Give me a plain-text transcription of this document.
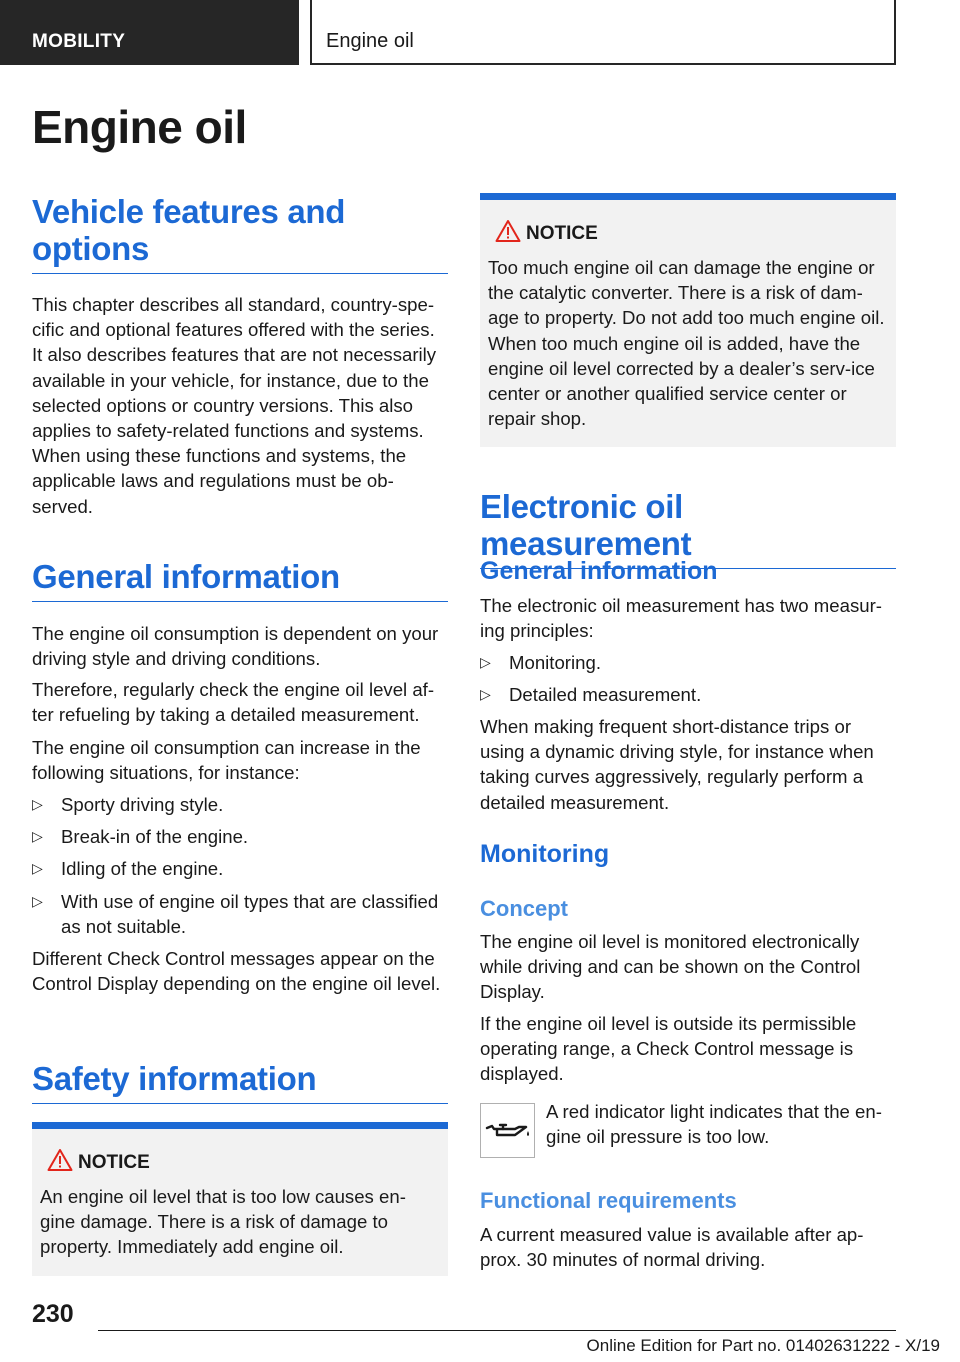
MOBILITY	Engine oil
Engine oil
Vehicle features and options

This chapter describes all standard, country-spe-cific and optional features offered with the series. It also describes features that are not necessarily available in your vehicle, for instance, due to the selected options or country versions. This also applies to safety-related functions and systems. When using these functions and systems, the applicable laws and regulations must be ob-served.

General information

The engine oil consumption is dependent on your driving style and driving conditions.

Therefore, regularly check the engine oil level af-ter refueling by taking a detailed measurement.

The engine oil consumption can increase in the following situations, for instance:

▷ Sporty driving style.
▷ Break-in of the engine.
▷ Idling of the engine.
▷ With use of engine oil types that are classified as not suitable.

Different Check Control messages appear on the Control Display depending on the engine oil level.

Safety information
NOTICE

An engine oil level that is too low causes en-gine damage. There is a risk of damage to property. Immediately add engine oil.

NOTICE

Too much engine oil can damage the engine or the catalytic converter. There is a risk of dam-age to property. Do not add too much engine oil. When too much engine oil is added, have the engine oil level corrected by a dealer’s serv-ice center or another qualified service center or repair shop.

Electronic oil measurement
General information

The electronic oil measurement has two measur-ing principles:

▷ Monitoring.
▷ Detailed measurement.

When making frequent short-distance trips or using a dynamic driving style, for instance when taking curves aggressively, regularly perform a detailed measurement.

Monitoring
Concept

The engine oil level is monitored electronically while driving and can be shown on the Control Display.

If the engine oil level is outside its permissible operating range, a Check Control message is displayed.

A red indicator light indicates that the en-gine oil pressure is too low.

Functional requirements

A current measured value is available after ap-prox. 30 minutes of normal driving.

230
Online Edition for Part no. 01402631222 - X/19
